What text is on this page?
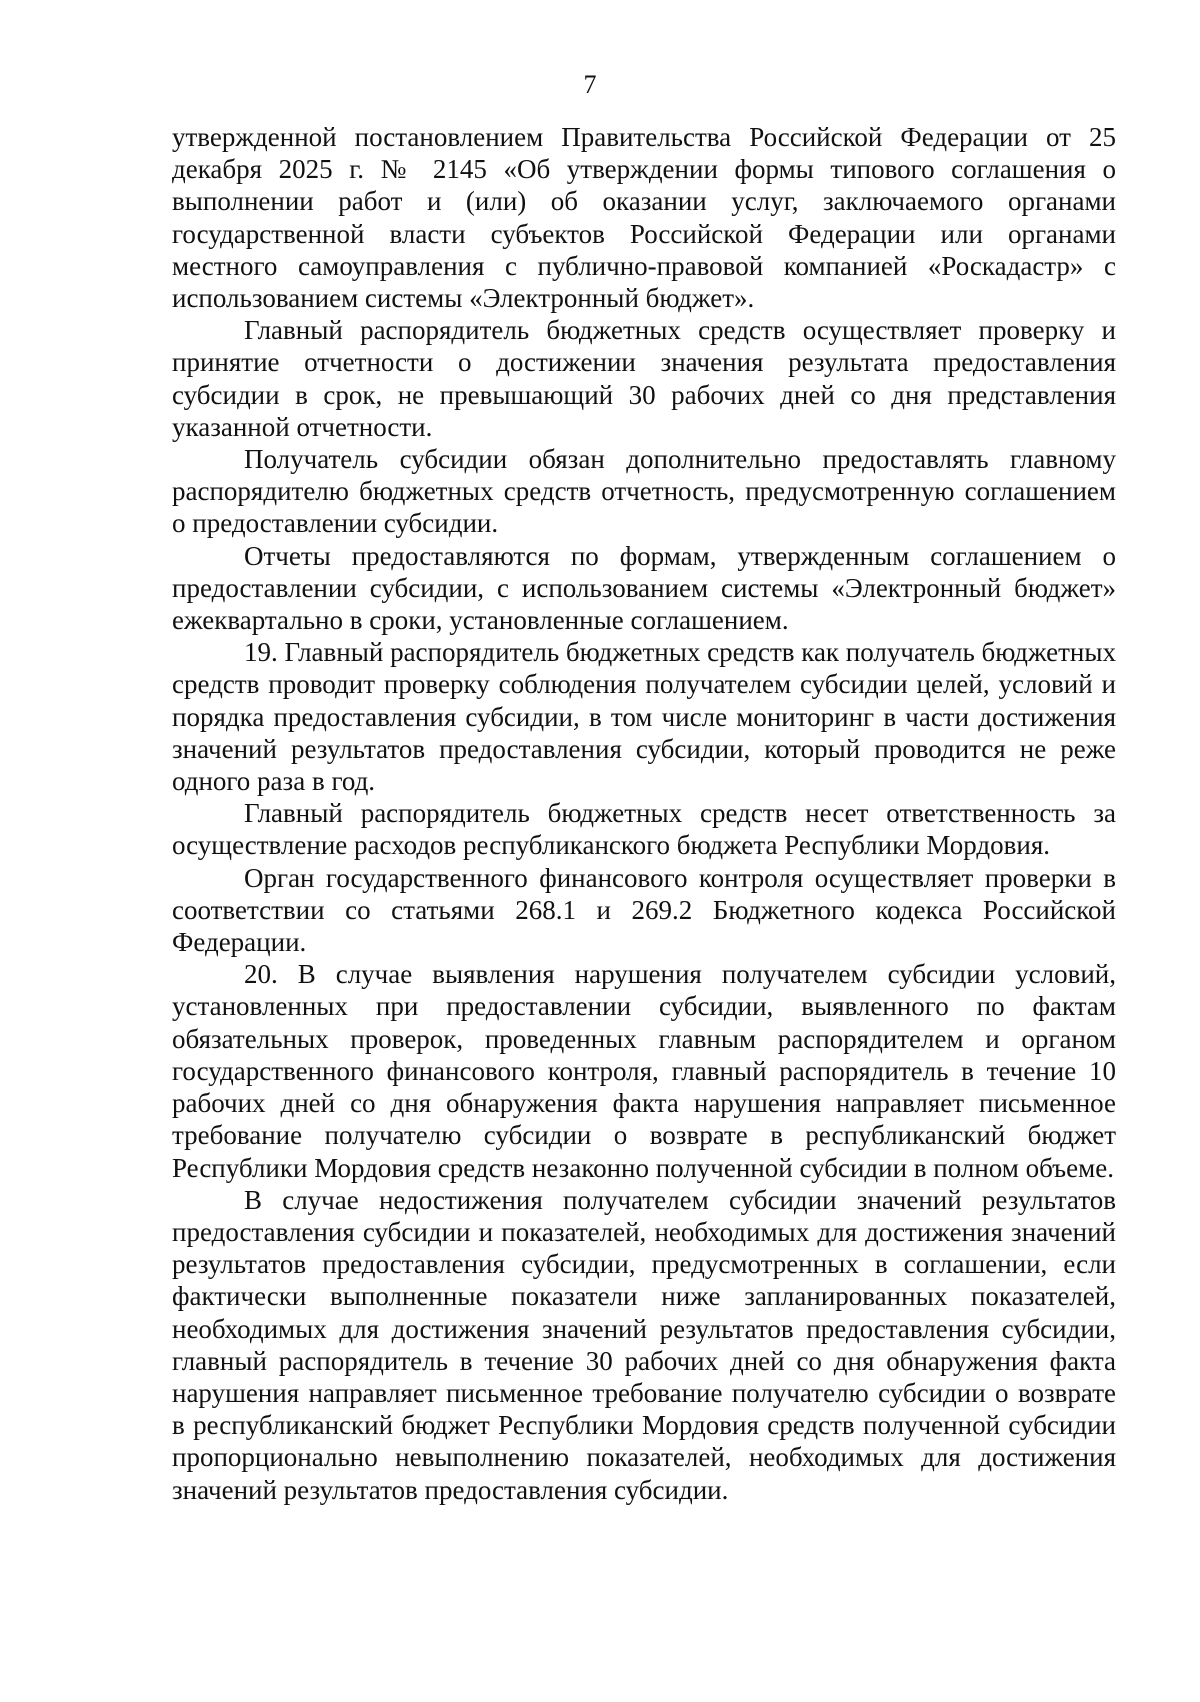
7

утвержденной постановлением Правительства Российской Федерации от 25 декабря 2025 г. № 2145 «Об утверждении формы типового соглашения о выполнении работ и (или) об оказании услуг, заключаемого органами государственной власти субъектов Российской Федерации или органами местного самоуправления с публично-правовой компанией «Роскадастр» с использованием системы «Электронный бюджет».

Главный распорядитель бюджетных средств осуществляет проверку и принятие отчетности о достижении значения результата предоставления субсидии в срок, не превышающий 30 рабочих дней со дня представления указанной отчетности.

Получатель субсидии обязан дополнительно предоставлять главному распорядителю бюджетных средств отчетность, предусмотренную соглашением о предоставлении субсидии.

Отчеты предоставляются по формам, утвержденным соглашением о предоставлении субсидии, с использованием системы «Электронный бюджет» ежеквартально в сроки, установленные соглашением.

19. Главный распорядитель бюджетных средств как получатель бюджетных средств проводит проверку соблюдения получателем субсидии целей, условий и порядка предоставления субсидии, в том числе мониторинг в части достижения значений результатов предоставления субсидии, который проводится не реже одного раза в год.

Главный распорядитель бюджетных средств несет ответственность за осуществление расходов республиканского бюджета Республики Мордовия.

Орган государственного финансового контроля осуществляет проверки в соответствии со статьями 268.1 и 269.2 Бюджетного кодекса Российской Федерации.

20. В случае выявления нарушения получателем субсидии условий, установленных при предоставлении субсидии, выявленного по фактам обязательных проверок, проведенных главным распорядителем и органом государственного финансового контроля, главный распорядитель в течение 10 рабочих дней со дня обнаружения факта нарушения направляет письменное требование получателю субсидии о возврате в республиканский бюджет Республики Мордовия средств незаконно полученной субсидии в полном объеме.

В случае недостижения получателем субсидии значений результатов предоставления субсидии и показателей, необходимых для достижения значений результатов предоставления субсидии, предусмотренных в соглашении, если фактически выполненные показатели ниже запланированных показателей, необходимых для достижения значений результатов предоставления субсидии, главный распорядитель в течение 30 рабочих дней со дня обнаружения факта нарушения направляет письменное требование получателю субсидии о возврате в республиканский бюджет Республики Мордовия средств полученной субсидии пропорционально невыполнению показателей, необходимых для достижения значений результатов предоставления субсидии.
